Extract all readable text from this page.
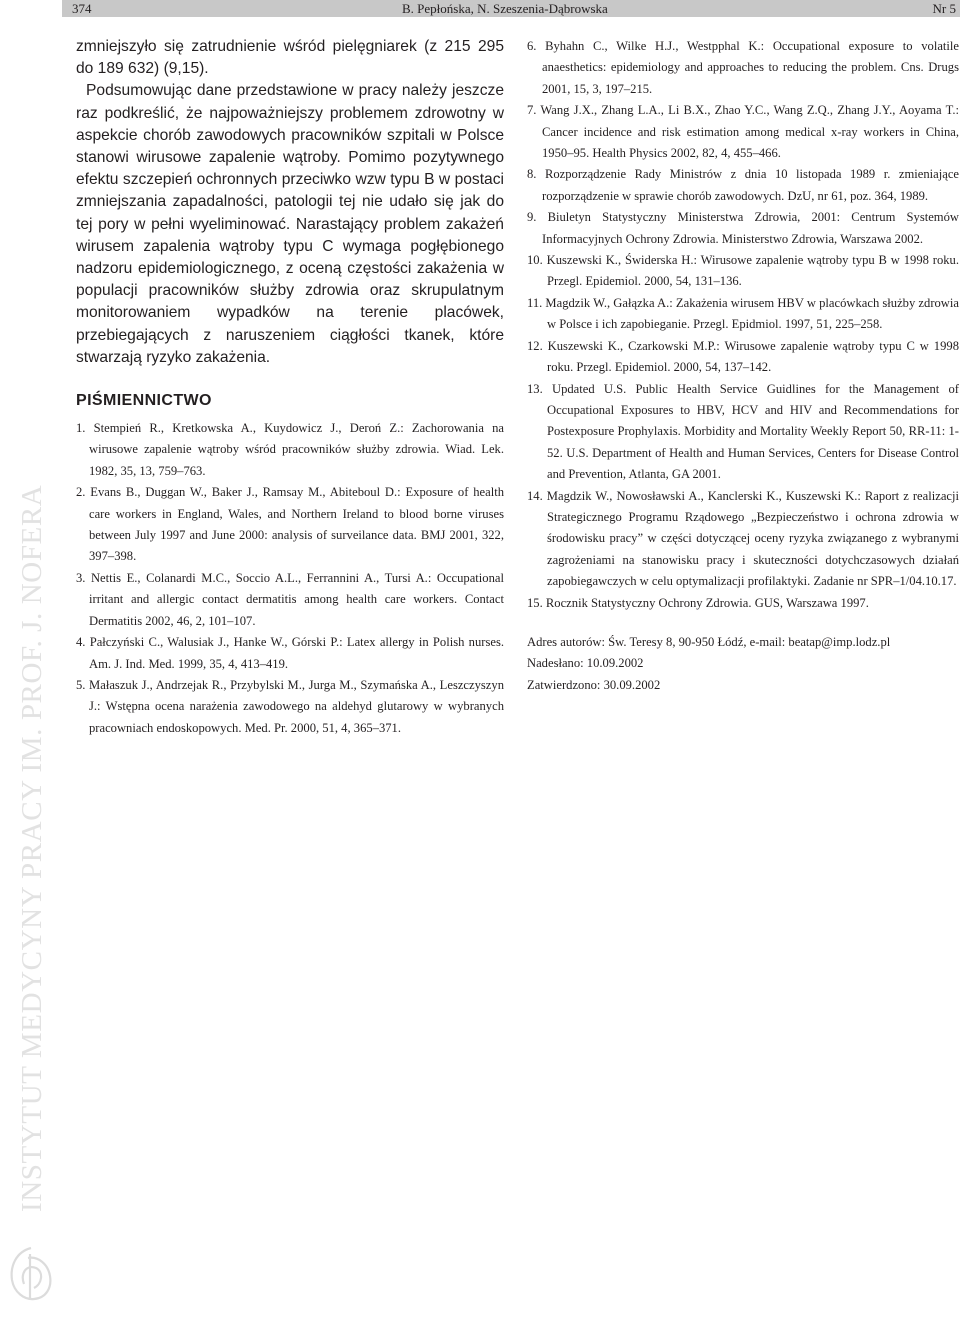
374	B. Pepłońska, N. Szeszenia-Dąbrowska	Nr 5
INSTYTUT MEDYCYNY PRACY IM. PROF. J. NOFERA

zmniejszyło się zatrudnienie wśród pielęgniarek (z 215 295 do 189 632) (9,15).

Podsumowując dane przedstawione w pracy należy jeszcze raz podkreślić, że najpoważniejszy problemem zdrowotny w aspekcie chorób zawodowych pracowników szpitali w Polsce stanowi wirusowe zapalenie wątroby. Pomimo pozytywnego efektu szczepień ochronnych przeciwko wzw typu B w postaci zmniejszania zapadalności, patologii tej nie udało się jak do tej pory w pełni wyeliminować. Narastający problem zakażeń wirusem zapalenia wątroby typu C wymaga pogłębionego nadzoru epidemiologicznego, z oceną częstości zakażenia w populacji pracowników służby zdrowia oraz skrupulatnym monitorowaniem wypadków na terenie placówek, przebiegających z naruszeniem ciągłości tkanek, które stwarzają ryzyko zakażenia.

PIŚMIENNICTWO
1. Stempień R., Kretkowska A., Kuydowicz J., Deroń Z.: Zachorowania na wirusowe zapalenie wątroby wśród pracowników służby zdrowia. Wiad. Lek. 1982, 35, 13, 759–763.
2. Evans B., Duggan W., Baker J., Ramsay M., Abiteboul D.: Exposure of health care workers in England, Wales, and Northern Ireland to blood borne viruses between July 1997 and June 2000: analysis of surveilance data. BMJ 2001, 322, 397–398.
3. Nettis E., Colanardi M.C., Soccio A.L., Ferrannini A., Tursi A.: Occupational irritant and allergic contact dermatitis among health care workers. Contact Dermatitis 2002, 46, 2, 101–107.
4. Pałczyński C., Walusiak J., Hanke W., Górski P.: Latex allergy in Polish nurses. Am. J. Ind. Med. 1999, 35, 4, 413–419.
5. Małaszuk J., Andrzejak R., Przybylski M., Jurga M., Szymańska A., Leszczyszyn J.: Wstępna ocena narażenia zawodowego na aldehyd glutarowy w wybranych pracowniach endoskopowych. Med. Pr. 2000, 51, 4, 365–371.
6. Byhahn C., Wilke H.J., Westpphal K.: Occupational exposure to volatile anaesthetics: epidemiology and approaches to reducing the problem. Cns. Drugs 2001, 15, 3, 197–215.
7. Wang J.X., Zhang L.A., Li B.X., Zhao Y.C., Wang Z.Q., Zhang J.Y., Aoyama T.: Cancer incidence and risk estimation among medical x-ray workers in China, 1950–95. Health Physics 2002, 82, 4, 455–466.
8. Rozporządzenie Rady Ministrów z dnia 10 listopada 1989 r. zmieniające rozporządzenie w sprawie chorób zawodowych. DzU, nr 61, poz. 364, 1989.
9. Biuletyn Statystyczny Ministerstwa Zdrowia, 2001: Centrum Systemów Informacyjnych Ochrony Zdrowia. Ministerstwo Zdrowia, Warszawa 2002.
10. Kuszewski K., Świderska H.: Wirusowe zapalenie wątroby typu B w 1998 roku. Przegl. Epidemiol. 2000, 54, 131–136.
11. Magdzik W., Gałązka A.: Zakażenia wirusem HBV w placówkach służby zdrowia w Polsce i ich zapobieganie. Przegl. Epidmiol. 1997, 51, 225–258.
12. Kuszewski K., Czarkowski M.P.: Wirusowe zapalenie wątroby typu C w 1998 roku. Przegl. Epidemiol. 2000, 54, 137–142.
13. Updated U.S. Public Health Service Guidlines for the Management of Occupational Exposures to HBV, HCV and HIV and Recommendations for Postexposure Prophylaxis. Morbidity and Mortality Weekly Report 50, RR-11: 1-52. U.S. Department of Health and Human Services, Centers for Disease Control and Prevention, Atlanta, GA 2001.
14. Magdzik W., Nowosławski A., Kanclerski K., Kuszewski K.: Raport z realizacji Strategicznego Programu Rządowego „Bezpieczeństwo i ochrona zdrowia w środowisku pracy” w części dotyczącej oceny ryzyka związanego z wybranymi zagrożeniami na stanowisku pracy i skuteczności dotychczasowych działań zapobiegawczych w celu optymalizacji profilaktyki. Zadanie nr SPR–1/04.10.17.
15. Rocznik Statystyczny Ochrony Zdrowia. GUS, Warszawa 1997.
Adres autorów: Św. Teresy 8, 90-950 Łódź, e-mail: beatap@imp.lodz.pl
Nadesłano: 10.09.2002
Zatwierdzono: 30.09.2002
